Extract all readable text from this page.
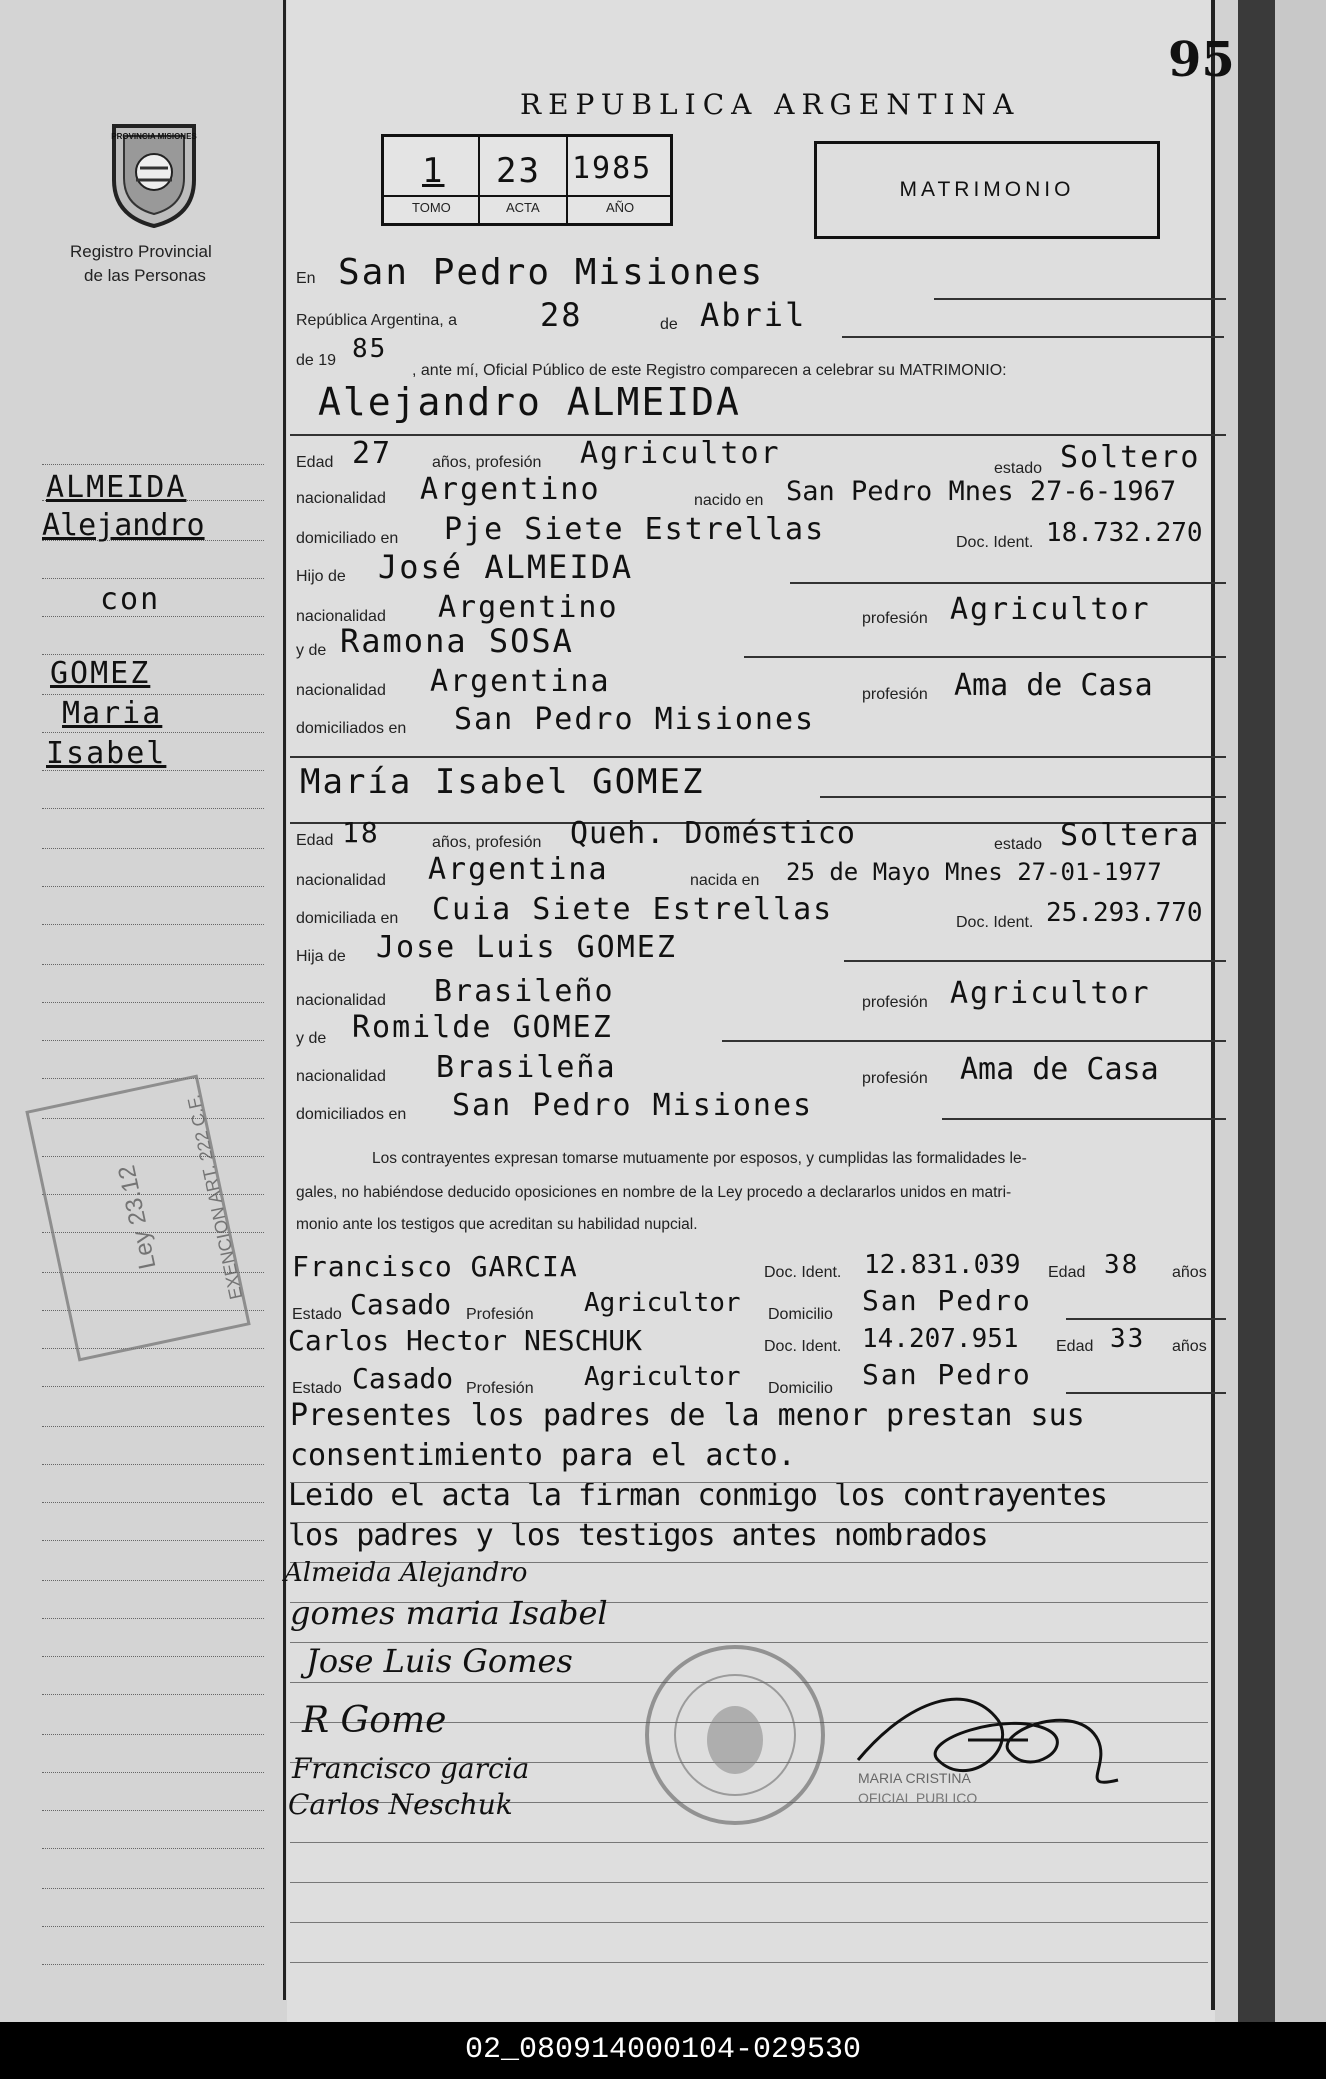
95
PROVINCIA MISIONES
Registro Provincial
de las Personas
REPUBLICA ARGENTINA
1 23 1985
TOMO	ACTA	AÑO
MATRIMONIO
En San Pedro Misiones
República Argentina, a	28	de Abril
de 19 85
, ante mí, Oficial Público de este Registro comparecen a celebrar su MATRIMONIO:
Alejandro ALMEIDA
Edad 27 años, profesión Agricultor	estado Soltero
nacionalidad Argentino	nacido en San Pedro Mnes 27-6-1967
domiciliado en Pje Siete Estrellas	Doc. Ident. 18.732.270
Hijo de José ALMEIDA
nacionalidad Argentino	profesión Agricultor
y de Ramona SOSA
nacionalidad Argentina	profesión Ama de Casa
domiciliados en San Pedro Misiones
María Isabel GOMEZ
Edad 18	años, profesión Queh. Doméstico	estado Soltera
nacionalidad Argentina	nacida en 25 de Mayo Mnes 27-01-1977
domiciliada en Cuia Siete Estrellas	Doc. Ident. 25.293.770
Hija de Jose Luis GOMEZ
nacionalidad Brasileño	profesión Agricultor
y de Romilde GOMEZ
nacionalidad Brasileña	profesión Ama de Casa
domiciliados en San Pedro Misiones
Los contrayentes expresan tomarse mutuamente por esposos, y cumplidas las formalidades le-
gales, no habiéndose deducido oposiciones en nombre de la Ley procedo a declararlos unidos en matri-
monio ante los testigos que acreditan su habilidad nupcial.
Francisco GARCIA	Doc. Ident. 12.831.039 Edad 38 años
Estado Casado Profesión Agricultor Domicilio San Pedro
Carlos Hector NESCHUK	Doc. Ident. 14.207.951 Edad 33 años
Estado Casado Profesión Agricultor Domicilio San Pedro
Presentes los padres de la menor prestan sus
consentimiento para el acto.
Leido el acta la firman conmigo los contrayentes
los padres y los testigos antes nombrados
Almeida Alejandro
gomes maria Isabel
Jose Luis Gomes
R Gome
Francisco garcia
Carlos Neschuk
MARIA CRISTINA
OFICIAL PUBLICO
ALMEIDA
Alejandro
con
GOMEZ
Maria
Isabel
Ley 23.12	EXENCION ART. 222 C.F.
02_080914000104-029530
